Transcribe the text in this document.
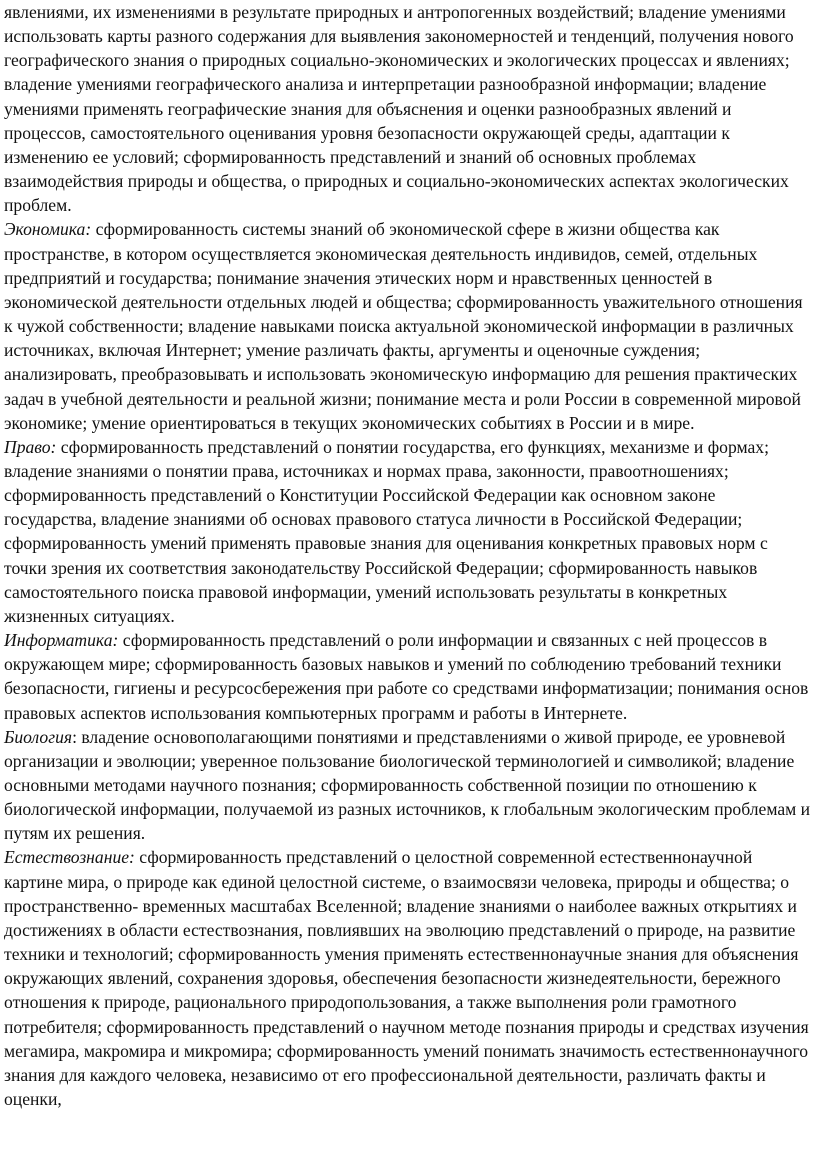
явлениями, их изменениями в результате природных и антропогенных воздействий; владение умениями использовать карты разного содержания для выявления закономерностей и тенденций, получения нового географического знания о природных социально-экономических и экологических процессах и явлениях; владение умениями географического анализа и интерпретации разнообразной информации; владение умениями применять географические знания для объяснения и оценки разнообразных явлений и процессов, самостоятельного оценивания уровня безопасности окружающей среды, адаптации к изменению ее условий; сформированность представлений и знаний об основных проблемах взаимодействия природы и общества, о природных и социально-экономических аспектах экологических проблем.

Экономика: сформированность системы знаний об экономической сфере в жизни общества как пространстве, в котором осуществляется экономическая деятельность индивидов, семей, отдельных предприятий и государства; понимание значения этических норм и нравственных ценностей в экономической деятельности отдельных людей и общества; сформированность уважительного отношения к чужой собственности; владение навыками поиска актуальной экономической информации в различных источниках, включая Интернет; умение различать факты, аргументы и оценочные суждения; анализировать, преобразовывать и использовать экономическую информацию для решения практических задач в учебной деятельности и реальной жизни; понимание места и роли России в современной мировой экономике; умение ориентироваться в текущих экономических событиях в России и в мире.

Право: сформированность представлений о понятии государства, его функциях, механизме и формах; владение знаниями о понятии права, источниках и нормах права, законности, правоотношениях; сформированность представлений о Конституции Российской Федерации как основном законе государства, владение знаниями об основах правового статуса личности в Российской Федерации; сформированность умений применять правовые знания для оценивания конкретных правовых норм с точки зрения их соответствия законодательству Российской Федерации; сформированность навыков самостоятельного поиска правовой информации, умений использовать результаты в конкретных жизненных ситуациях.

Информатика: сформированность представлений о роли информации и связанных с ней процессов в окружающем мире; сформированность базовых навыков и умений по соблюдению требований техники безопасности, гигиены и ресурсосбережения при работе со средствами информатизации; понимания основ правовых аспектов использования компьютерных программ и работы в Интернете.

Биология: владение основополагающими понятиями и представлениями о живой природе, ее уровневой организации и эволюции; уверенное пользование биологической терминологией и символикой; владение основными методами научного познания; сформированность собственной позиции по отношению к биологической информации, получаемой из разных источников, к глобальным экологическим проблемам и путям их решения.

Естествознание: сформированность представлений о целостной современной естественнонаучной картине мира, о природе как единой целостной системе, о взаимосвязи человека, природы и общества; о пространственно- временных масштабах Вселенной; владение знаниями о наиболее важных открытиях и достижениях в области естествознания, повлиявших на эволюцию представлений о природе, на развитие техники и технологий; сформированность умения применять естественнонаучные знания для объяснения окружающих явлений, сохранения здоровья, обеспечения безопасности жизнедеятельности, бережного отношения к природе, рационального природопользования, а также выполнения роли грамотного потребителя; сформированность представлений о научном методе познания природы и средствах изучения мегамира, макромира и микромира; сформированность умений понимать значимость естественнонаучного знания для каждого человека, независимо от его профессиональной деятельности, различать факты и оценки,
